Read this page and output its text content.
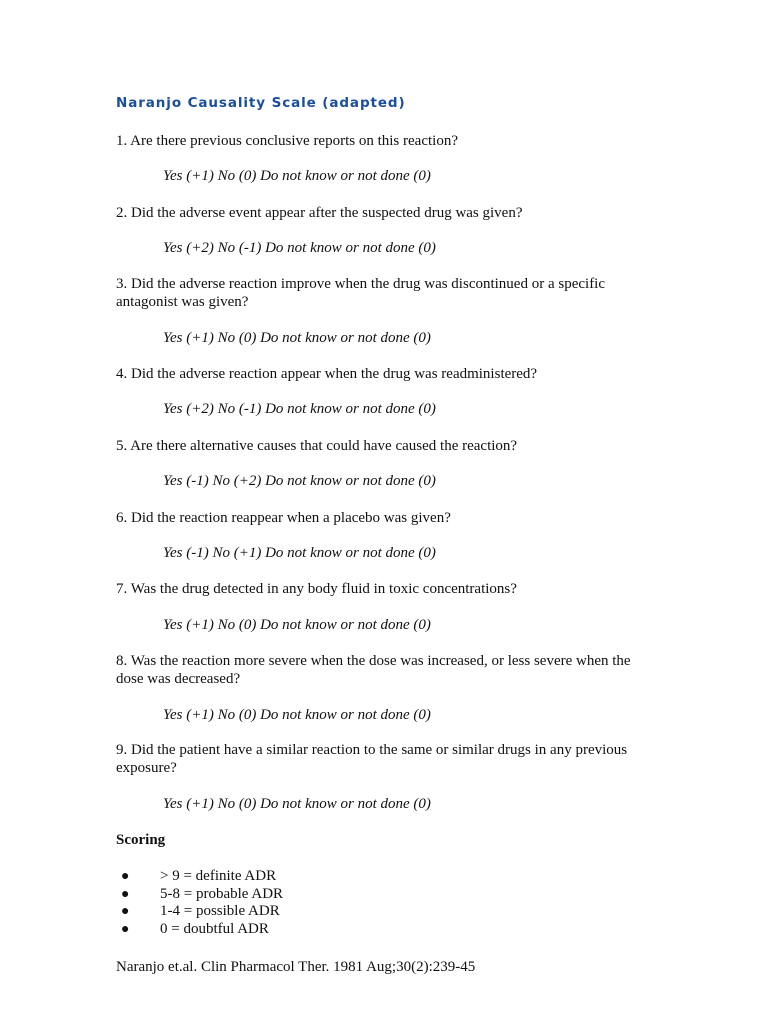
Naranjo Causality Scale (adapted)

1. Are there previous conclusive reports on this reaction?

Yes (+1) No (0) Do not know or not done (0)

2. Did the adverse event appear after the suspected drug was given?

Yes (+2) No (-1) Do not know or not done (0)

3. Did the adverse reaction improve when the drug was discontinued or a specific antagonist was given?

Yes (+1) No (0) Do not know or not done (0)

4. Did the adverse reaction appear when the drug was readministered?

Yes (+2) No (-1) Do not know or not done (0)

5. Are there alternative causes that could have caused the reaction?

Yes (-1) No (+2) Do not know or not done (0)

6. Did the reaction reappear when a placebo was given?

Yes (-1) No (+1) Do not know or not done (0)

7. Was the drug detected in any body fluid in toxic concentrations?

Yes (+1) No (0) Do not know or not done (0)

8. Was the reaction more severe when the dose was increased, or less severe when the dose was decreased?

Yes (+1) No (0) Do not know or not done (0)

9. Did the patient have a similar reaction to the same or similar drugs in any previous exposure?

Yes (+1) No (0) Do not know or not done (0)

Scoring
● > 9 = definite ADR
● 5-8 = probable ADR
● 1-4 = possible ADR
● 0 = doubtful ADR
Naranjo et.al. Clin Pharmacol Ther. 1981 Aug;30(2):239-45
